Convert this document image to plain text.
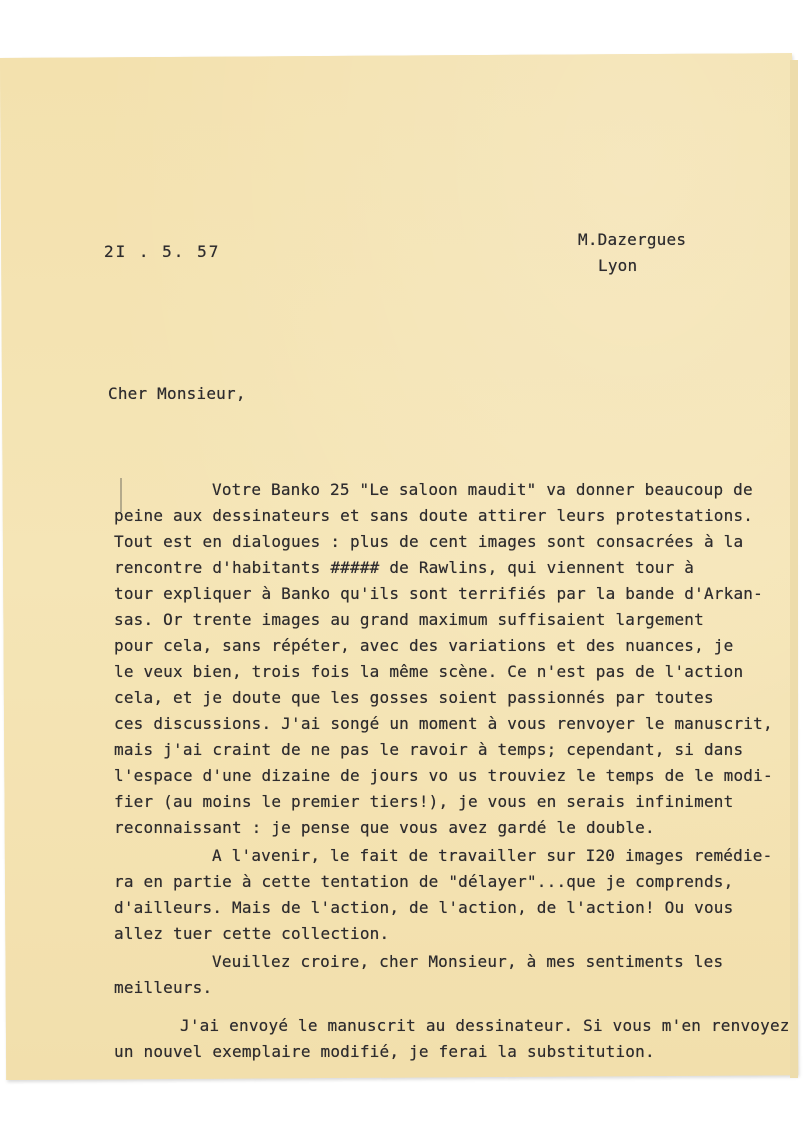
2I . 5. 57
M.Dazergues
Lyon
Cher Monsieur,
Votre Banko 25 "Le saloon maudit" va donner beaucoup de
peine aux dessinateurs et sans doute attirer leurs protestations.
Tout est en dialogues : plus de cent images sont consacrées à la
rencontre d'habitants ##### de Rawlins, qui viennent tour à
tour expliquer à Banko qu'ils sont terrifiés par la bande d'Arkan-
sas. Or trente images au grand maximum suffisaient largement
pour cela, sans répéter, avec des variations et des nuances, je
le veux bien, trois fois la même scène. Ce n'est pas de l'action
cela, et je doute que les gosses soient passionnés par toutes
ces discussions. J'ai songé un moment à vous renvoyer le manuscrit,
mais j'ai craint de ne pas le ravoir à temps; cependant, si dans
l'espace d'une dizaine de jours vo us trouviez le temps de le modi-
fier (au moins le premier tiers!), je vous en serais infiniment
reconnaissant : je pense que vous avez gardé le double.
A l'avenir, le fait de travailler sur I20 images remédie-
ra en partie à cette tentation de "délayer"...que je comprends,
d'ailleurs. Mais de l'action, de l'action, de l'action! Ou vous
allez tuer cette collection.
Veuillez croire, cher Monsieur, à mes sentiments les
meilleurs.
J'ai envoyé le manuscrit au dessinateur. Si vous m'en renvoyez
un nouvel exemplaire modifié, je ferai la substitution.
